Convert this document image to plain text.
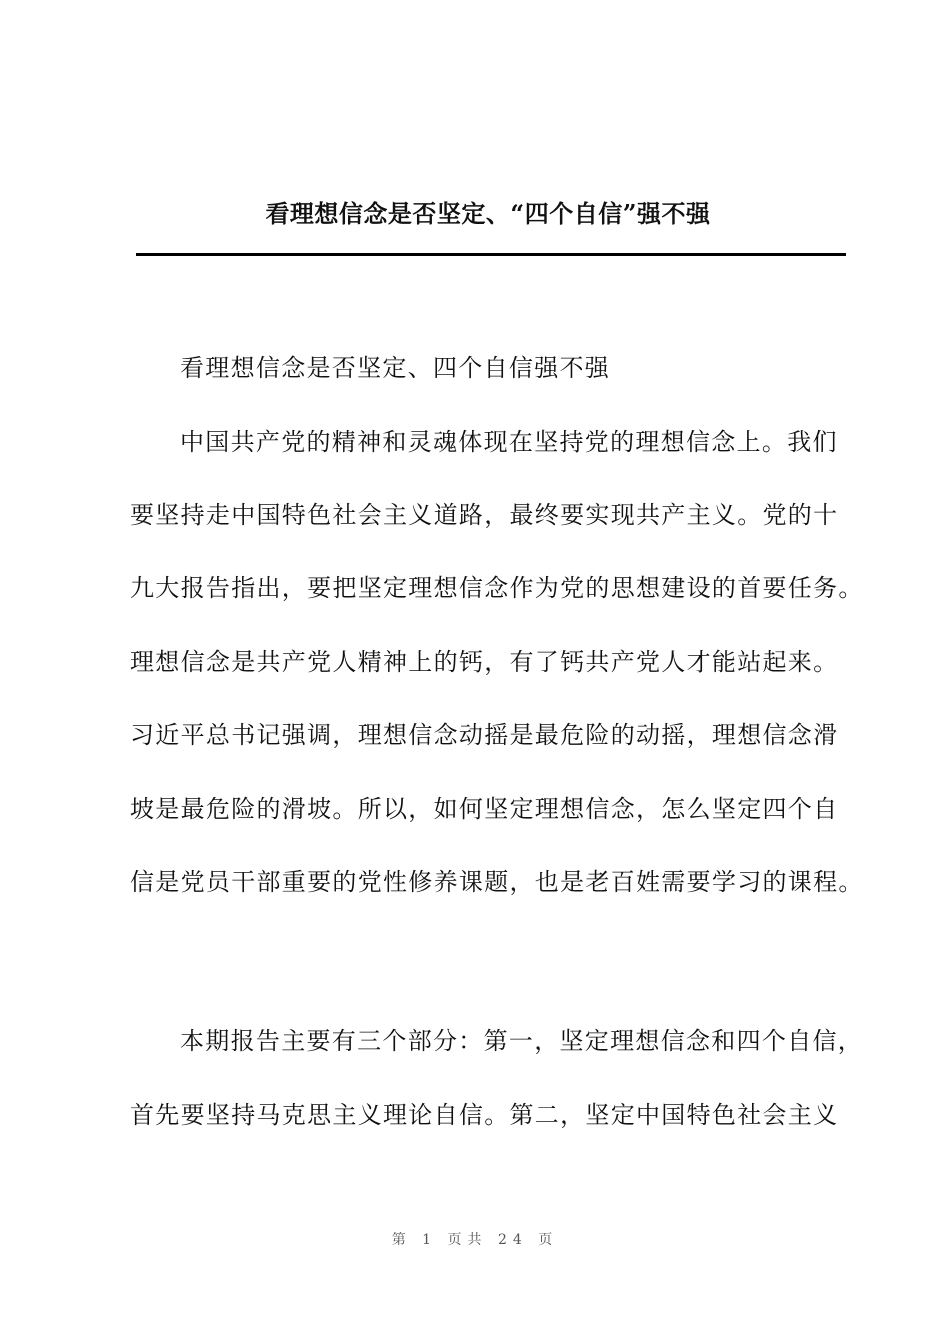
看理想信念是否坚定、“四个自信”强不强
看理想信念是否坚定、四个自信强不强
中国共产党的精神和灵魂体现在坚持党的理想信念上。我们
要坚持走中国特色社会主义道路，最终要实现共产主义。党的十
九大报告指出，要把坚定理想信念作为党的思想建设的首要任务。
理想信念是共产党人精神上的钙，有了钙共产党人才能站起来。
习近平总书记强调，理想信念动摇是最危险的动摇，理想信念滑
坡是最危险的滑坡。所以，如何坚定理想信念，怎么坚定四个自
信是党员干部重要的党性修养课题，也是老百姓需要学习的课程。
本期报告主要有三个部分：第一，坚定理想信念和四个自信，
首先要坚持马克思主义理论自信。第二，坚定中国特色社会主义
第 1 页共 24 页
